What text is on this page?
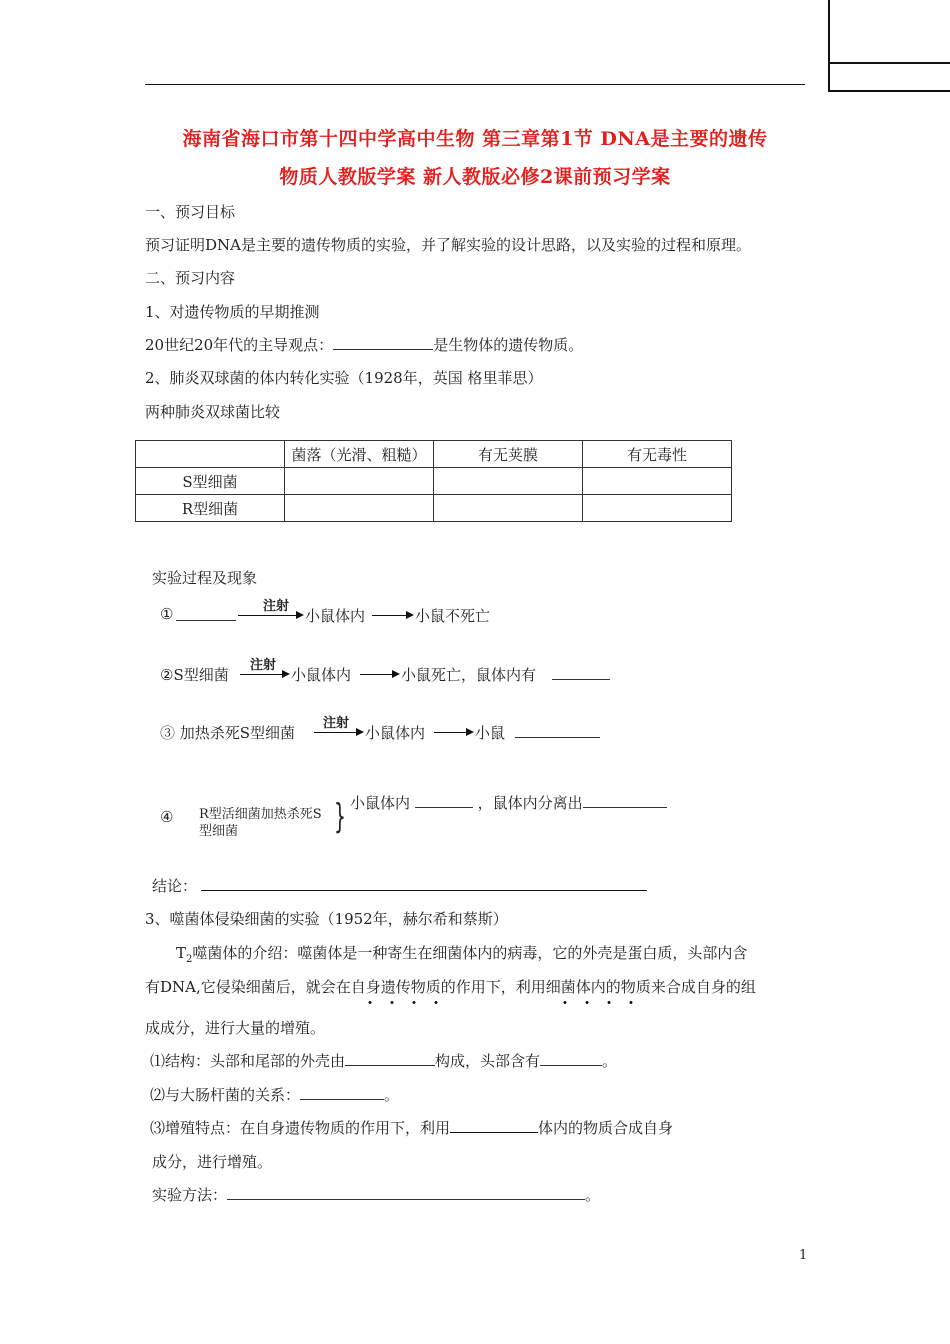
海南省海口市第十四中学高中生物 第三章第1节 DNA是主要的遗传
物质人教版学案 新人教版必修2课前预习学案
一、预习目标
预习证明DNA是主要的遗传物质的实验，并了解实验的设计思路，以及实验的过程和原理。
二、预习内容
1、对遗传物质的早期推测
20世纪20年代的主导观点：	是生物体的遗传物质。
2、肺炎双球菌的体内转化实验（1928年，英国 格里菲思）
两种肺炎双球菌比较
	菌落（光滑、粗糙）	有无荚膜	有无毒性
S型细菌			
R型细菌			
实验过程及现象
①	注射
小鼠体内	小鼠不死亡
②S型细菌
注射
小鼠体内	小鼠死亡，鼠体内有
③ 加热杀死S型细菌
注射
小鼠体内	小鼠
④ R型活细菌加热杀死S
型细菌	} 小鼠体内	，鼠体内分离出
结论：
3、噬菌体侵染细菌的实验（1952年，赫尔希和蔡斯）
$T_2$噬菌体的介绍：噬菌体是一种寄生在细菌体内的病毒，它的外壳是蛋白质，头部内含
有DNA,它侵染细菌后，就会在自身遗传物质的作用下，利用细菌体内的物质来合成自身的组
成成分，进行大量的增殖。
⑴结构：头部和尾部的外壳由	构成，头部含有	。
⑵与大肠杆菌的关系：	。
⑶增殖特点：在自身遗传物质的作用下，利用	体内的物质合成自身
成分，进行增殖。
实验方法：	。
1
